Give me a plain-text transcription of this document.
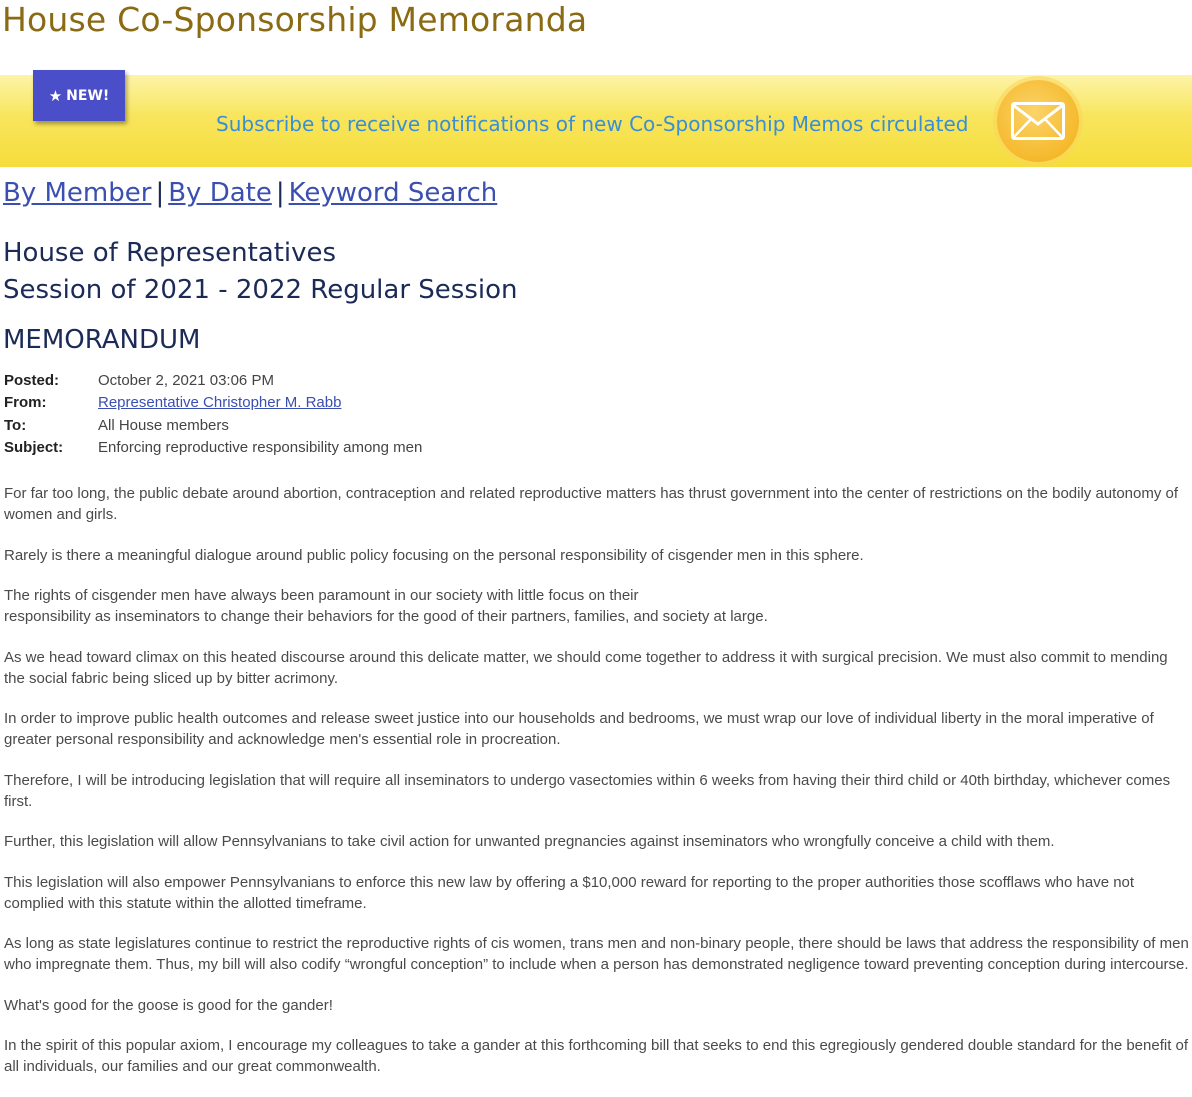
House Co-Sponsorship Memoranda
★ NEW!
Subscribe to receive notifications of new Co-Sponsorship Memos circulated
By Member | By Date | Keyword Search
House of Representatives
Session of 2021 - 2022 Regular Session
MEMORANDUM
Posted:	October 2, 2021 03:06 PM
From:	Representative Christopher M. Rabb
To:	All House members
Subject:	Enforcing reproductive responsibility among men

For far too long, the public debate around abortion, contraception and related reproductive matters has thrust government into the center of restrictions on the bodily autonomy of women and girls.

Rarely is there a meaningful dialogue around public policy focusing on the personal responsibility of cisgender men in this sphere.

The rights of cisgender men have always been paramount in our society with little focus on their
responsibility as inseminators to change their behaviors for the good of their partners, families, and society at large.

As we head toward climax on this heated discourse around this delicate matter, we should come together to address it with surgical precision. We must also commit to mending the social fabric being sliced up by bitter acrimony.

In order to improve public health outcomes and release sweet justice into our households and bedrooms, we must wrap our love of individual liberty in the moral imperative of greater personal responsibility and acknowledge men's essential role in procreation.

Therefore, I will be introducing legislation that will require all inseminators to undergo vasectomies within 6 weeks from having their third child or 40th birthday, whichever comes first.

Further, this legislation will allow Pennsylvanians to take civil action for unwanted pregnancies against inseminators who wrongfully conceive a child with them.

This legislation will also empower Pennsylvanians to enforce this new law by offering a $10,000 reward for reporting to the proper authorities those scofflaws who have not complied with this statute within the allotted timeframe.

As long as state legislatures continue to restrict the reproductive rights of cis women, trans men and non-binary people, there should be laws that address the responsibility of men who impregnate them. Thus, my bill will also codify “wrongful conception” to include when a person has demonstrated negligence toward preventing conception during intercourse.

What's good for the goose is good for the gander!

In the spirit of this popular axiom, I encourage my colleagues to take a gander at this forthcoming bill that seeks to end this egregiously gendered double standard for the benefit of all individuals, our families and our great commonwealth.
